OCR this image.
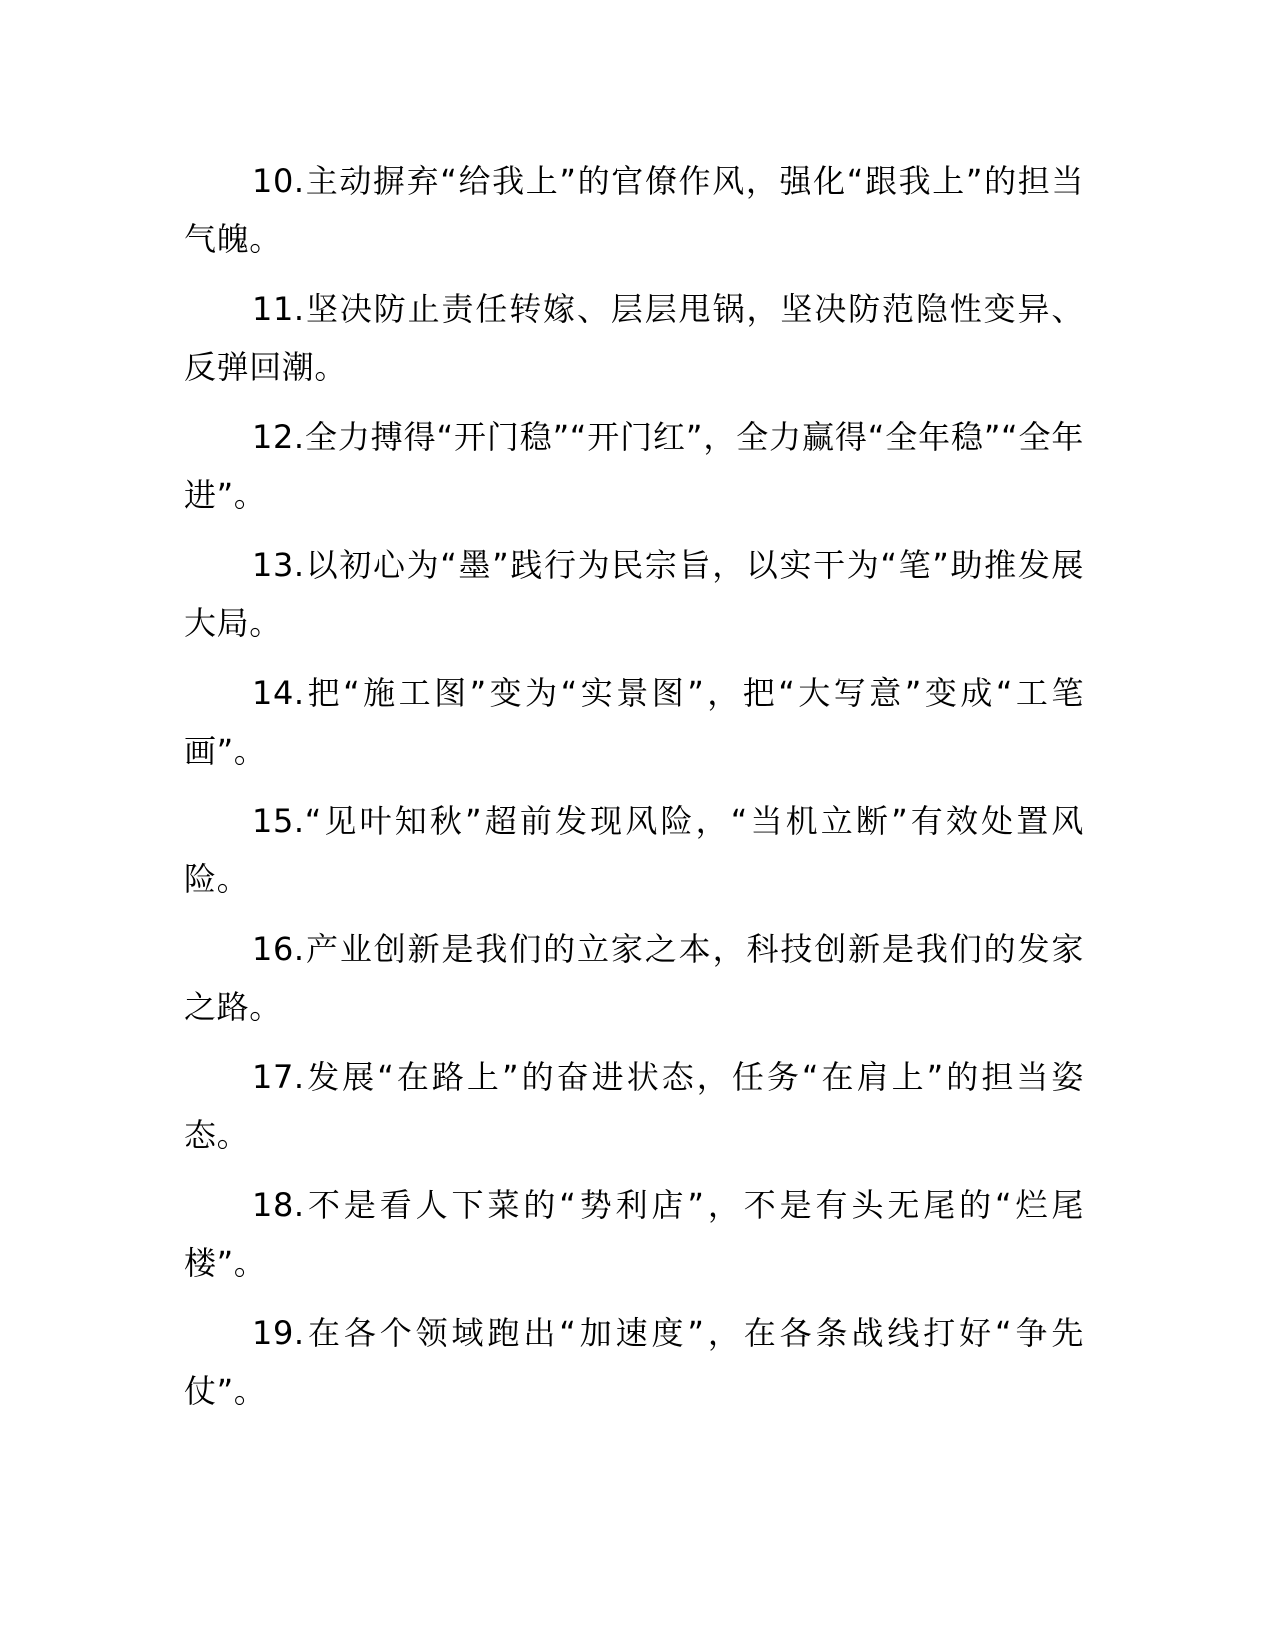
10.主动摒弃“给我上”的官僚作风，强化“跟我上”的担当气魄。

11.坚决防止责任转嫁、层层甩锅，坚决防范隐性变异、反弹回潮。

12.全力搏得“开门稳”“开门红”，全力赢得“全年稳”“全年进”。

13.以初心为“墨”践行为民宗旨，以实干为“笔”助推发展大局。

14.把“施工图”变为“实景图”，把“大写意”变成“工笔画”。

15.“见叶知秋”超前发现风险，“当机立断”有效处置风险。

16.产业创新是我们的立家之本，科技创新是我们的发家之路。

17.发展“在路上”的奋进状态，任务“在肩上”的担当姿态。

18.不是看人下菜的“势利店”，不是有头无尾的“烂尾楼”。

19.在各个领域跑出“加速度”，在各条战线打好“争先仗”。
